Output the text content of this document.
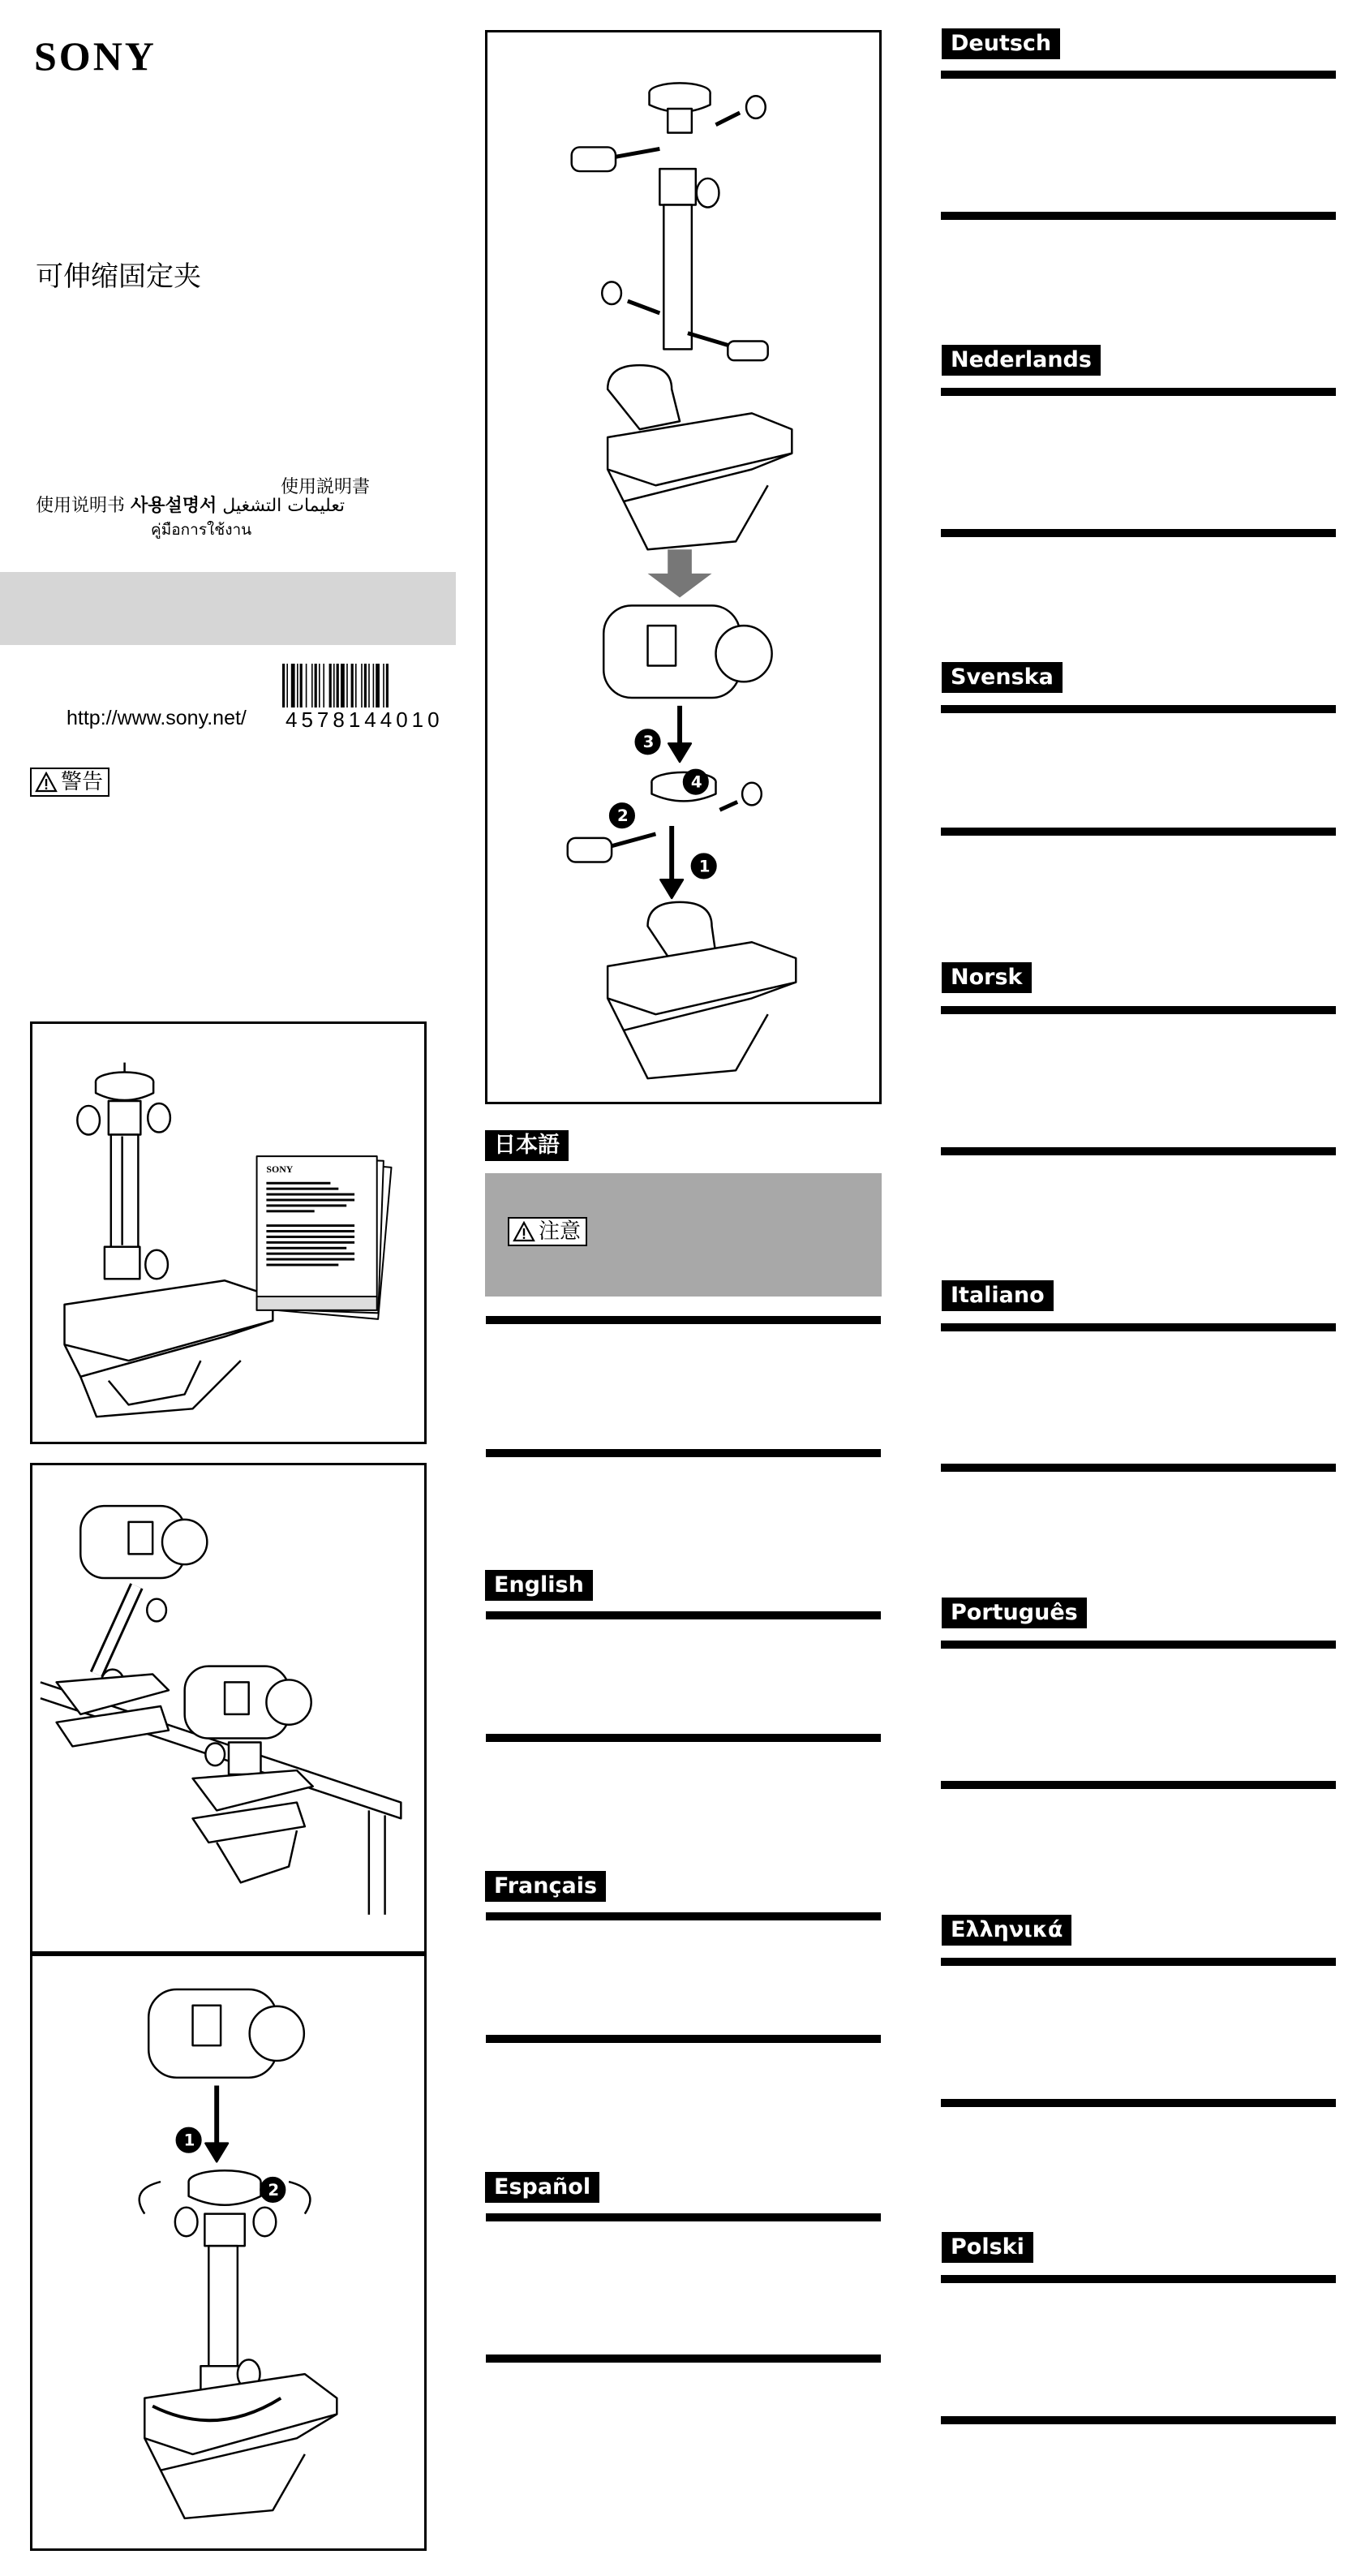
SONY
可伸缩固定夹
使用説明書
使用说明书 사용설명서 تعليمات التشغيل
คู่มือการใช้งาน
http://www.sony.net/ 4578144010
警告
SONY
1
2
3
4
2
1
日本語
注意
English
Français
Español
Deutsch
Nederlands
Svenska
Norsk
Italiano
Português
Ελληνικά
Polski
